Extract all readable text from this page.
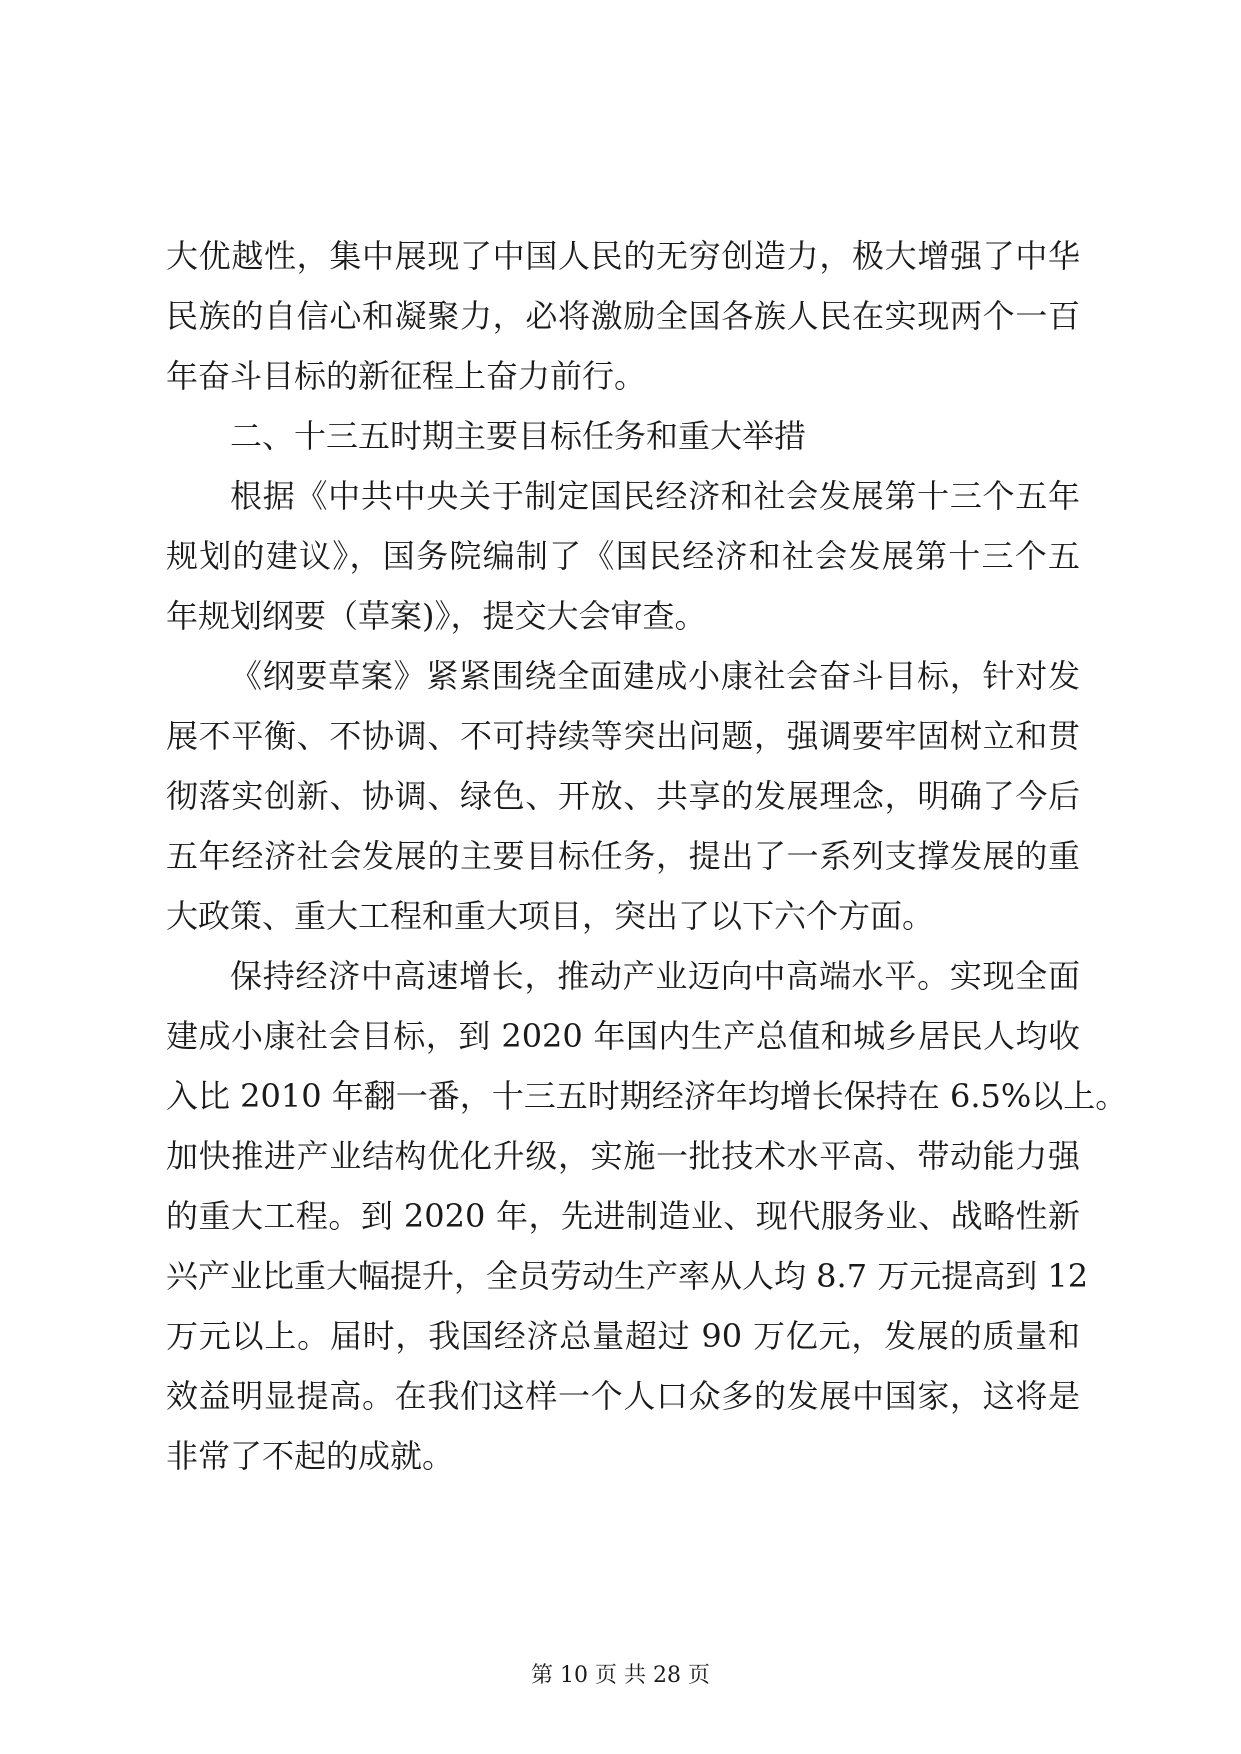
大优越性，集中展现了中国人民的无穷创造力，极大增强了中华
民族的自信心和凝聚力，必将激励全国各族人民在实现两个一百
年奋斗目标的新征程上奋力前行。
二、十三五时期主要目标任务和重大举措
根据《中共中央关于制定国民经济和社会发展第十三个五年
规划的建议》，国务院编制了《国民经济和社会发展第十三个五
年规划纲要（草案)》，提交大会审查。
《纲要草案》紧紧围绕全面建成小康社会奋斗目标，针对发
展不平衡、不协调、不可持续等突出问题，强调要牢固树立和贯
彻落实创新、协调、绿色、开放、共享的发展理念，明确了今后
五年经济社会发展的主要目标任务，提出了一系列支撑发展的重
大政策、重大工程和重大项目，突出了以下六个方面。
保持经济中高速增长，推动产业迈向中高端水平。实现全面
建成小康社会目标，到 2020 年国内生产总值和城乡居民人均收
入比 2010 年翻一番，十三五时期经济年均增长保持在 6.5%以上。
加快推进产业结构优化升级，实施一批技术水平高、带动能力强
的重大工程。到 2020 年，先进制造业、现代服务业、战略性新
兴产业比重大幅提升，全员劳动生产率从人均 8.7 万元提高到 12
万元以上。届时，我国经济总量超过 90 万亿元，发展的质量和
效益明显提高。在我们这样一个人口众多的发展中国家，这将是
非常了不起的成就。
第 10 页 共 28 页
